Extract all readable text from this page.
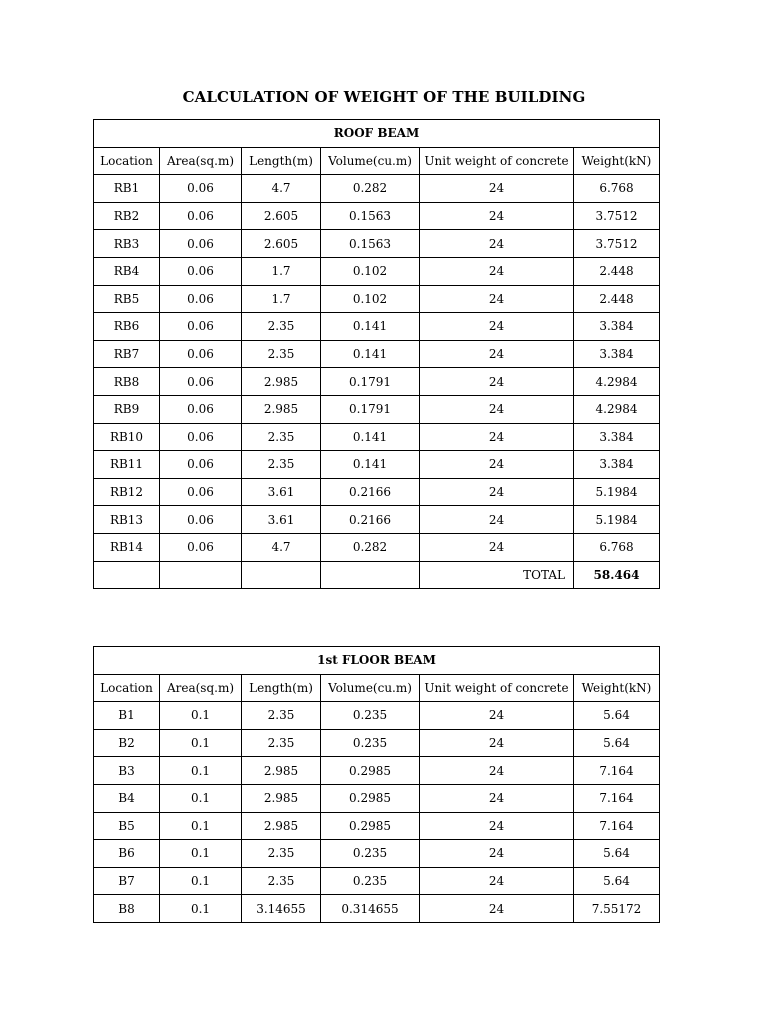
CALCULATION OF WEIGHT OF THE BUILDING
ROOF BEAM					
Location	Area(sq.m)	Length(m)	Volume(cu.m)	Unit weight of concrete	Weight(kN)
RB1	0.06	4.7	0.282	24	6.768
RB2	0.06	2.605	0.1563	24	3.7512
RB3	0.06	2.605	0.1563	24	3.7512
RB4	0.06	1.7	0.102	24	2.448
RB5	0.06	1.7	0.102	24	2.448
RB6	0.06	2.35	0.141	24	3.384
RB7	0.06	2.35	0.141	24	3.384
RB8	0.06	2.985	0.1791	24	4.2984
RB9	0.06	2.985	0.1791	24	4.2984
RB10	0.06	2.35	0.141	24	3.384
RB11	0.06	2.35	0.141	24	3.384
RB12	0.06	3.61	0.2166	24	5.1984
RB13	0.06	3.61	0.2166	24	5.1984
RB14	0.06	4.7	0.282	24	6.768
				TOTAL	58.464
1st FLOOR BEAM					
Location	Area(sq.m)	Length(m)	Volume(cu.m)	Unit weight of concrete	Weight(kN)
B1	0.1	2.35	0.235	24	5.64
B2	0.1	2.35	0.235	24	5.64
B3	0.1	2.985	0.2985	24	7.164
B4	0.1	2.985	0.2985	24	7.164
B5	0.1	2.985	0.2985	24	7.164
B6	0.1	2.35	0.235	24	5.64
B7	0.1	2.35	0.235	24	5.64
B8	0.1	3.14655	0.314655	24	7.55172
